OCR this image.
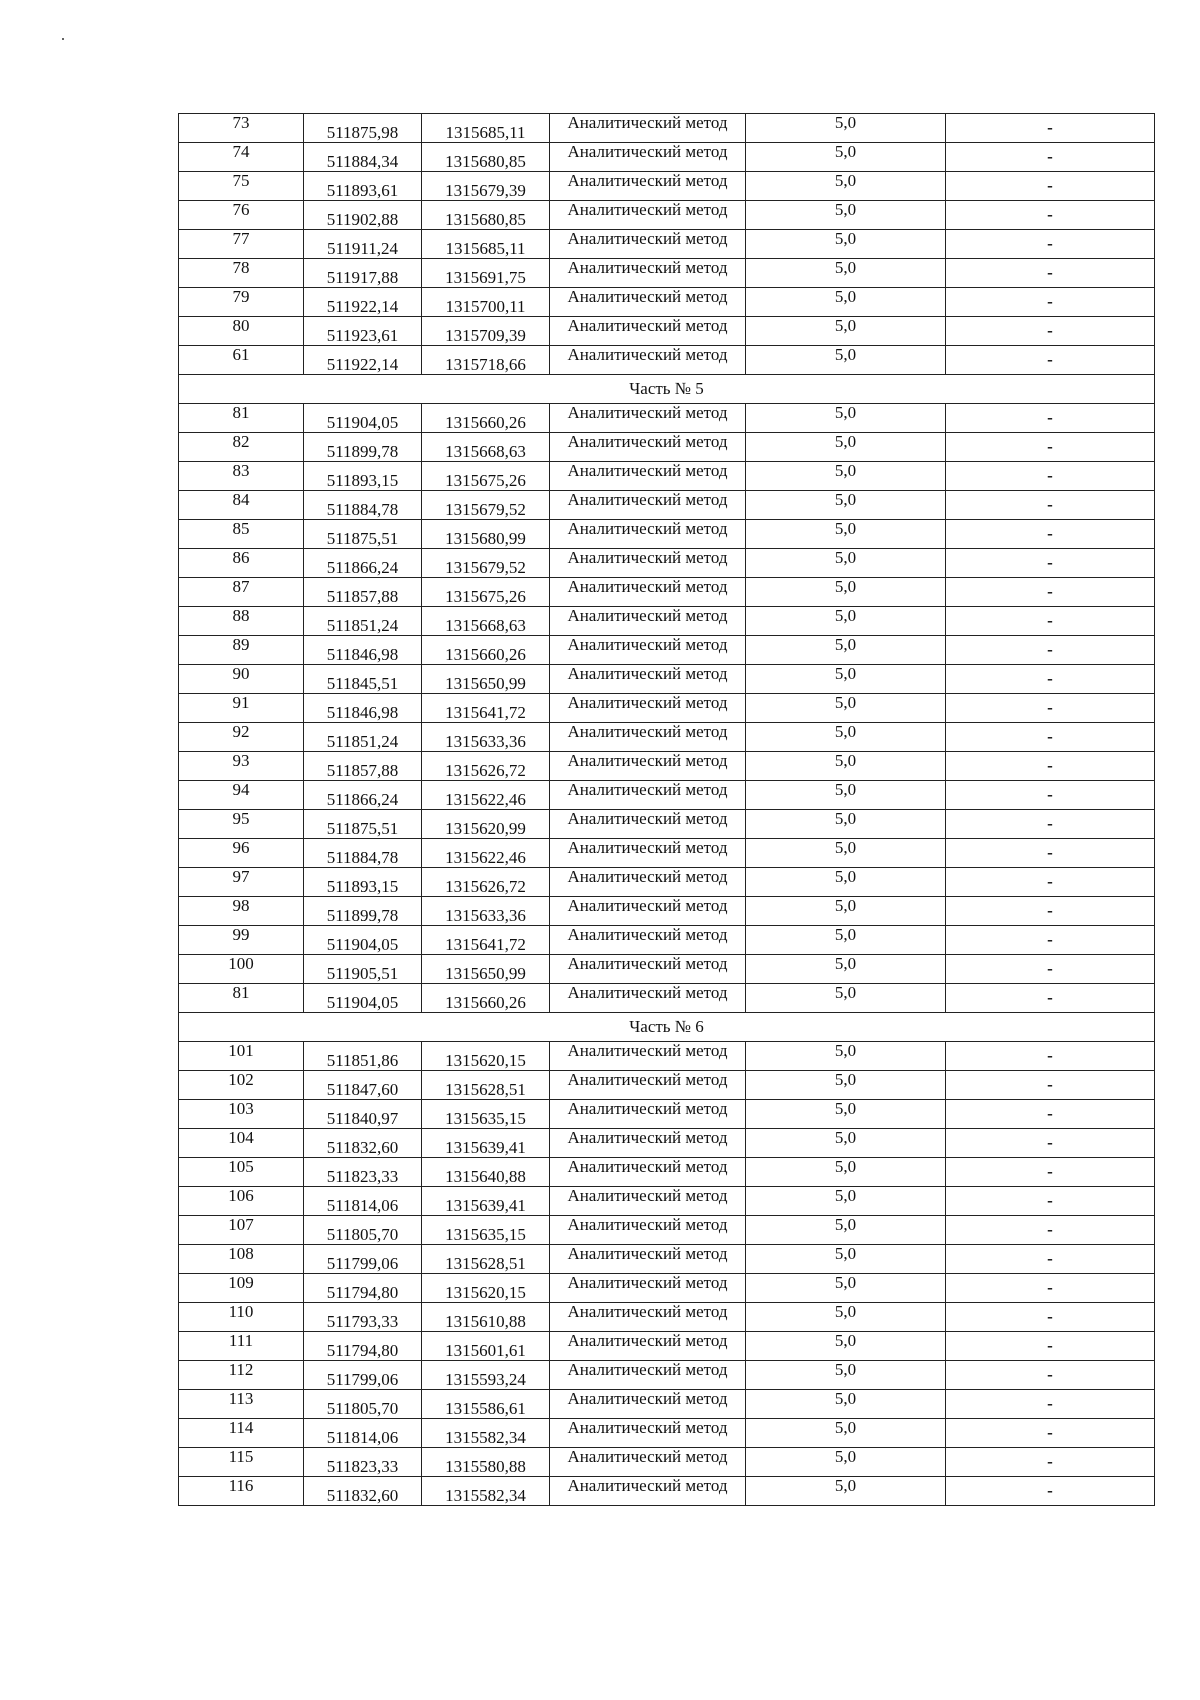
73	511875,98	1315685,11	Аналитический метод	5,0	-
74	511884,34	1315680,85	Аналитический метод	5,0	-
75	511893,61	1315679,39	Аналитический метод	5,0	-
76	511902,88	1315680,85	Аналитический метод	5,0	-
77	511911,24	1315685,11	Аналитический метод	5,0	-
78	511917,88	1315691,75	Аналитический метод	5,0	-
79	511922,14	1315700,11	Аналитический метод	5,0	-
80	511923,61	1315709,39	Аналитический метод	5,0	-
61	511922,14	1315718,66	Аналитический метод	5,0	-
Часть № 5					
81	511904,05	1315660,26	Аналитический метод	5,0	-
82	511899,78	1315668,63	Аналитический метод	5,0	-
83	511893,15	1315675,26	Аналитический метод	5,0	-
84	511884,78	1315679,52	Аналитический метод	5,0	-
85	511875,51	1315680,99	Аналитический метод	5,0	-
86	511866,24	1315679,52	Аналитический метод	5,0	-
87	511857,88	1315675,26	Аналитический метод	5,0	-
88	511851,24	1315668,63	Аналитический метод	5,0	-
89	511846,98	1315660,26	Аналитический метод	5,0	-
90	511845,51	1315650,99	Аналитический метод	5,0	-
91	511846,98	1315641,72	Аналитический метод	5,0	-
92	511851,24	1315633,36	Аналитический метод	5,0	-
93	511857,88	1315626,72	Аналитический метод	5,0	-
94	511866,24	1315622,46	Аналитический метод	5,0	-
95	511875,51	1315620,99	Аналитический метод	5,0	-
96	511884,78	1315622,46	Аналитический метод	5,0	-
97	511893,15	1315626,72	Аналитический метод	5,0	-
98	511899,78	1315633,36	Аналитический метод	5,0	-
99	511904,05	1315641,72	Аналитический метод	5,0	-
100	511905,51	1315650,99	Аналитический метод	5,0	-
81	511904,05	1315660,26	Аналитический метод	5,0	-
Часть № 6					
101	511851,86	1315620,15	Аналитический метод	5,0	-
102	511847,60	1315628,51	Аналитический метод	5,0	-
103	511840,97	1315635,15	Аналитический метод	5,0	-
104	511832,60	1315639,41	Аналитический метод	5,0	-
105	511823,33	1315640,88	Аналитический метод	5,0	-
106	511814,06	1315639,41	Аналитический метод	5,0	-
107	511805,70	1315635,15	Аналитический метод	5,0	-
108	511799,06	1315628,51	Аналитический метод	5,0	-
109	511794,80	1315620,15	Аналитический метод	5,0	-
110	511793,33	1315610,88	Аналитический метод	5,0	-
111	511794,80	1315601,61	Аналитический метод	5,0	-
112	511799,06	1315593,24	Аналитический метод	5,0	-
113	511805,70	1315586,61	Аналитический метод	5,0	-
114	511814,06	1315582,34	Аналитический метод	5,0	-
115	511823,33	1315580,88	Аналитический метод	5,0	-
116	511832,60	1315582,34	Аналитический метод	5,0	-
